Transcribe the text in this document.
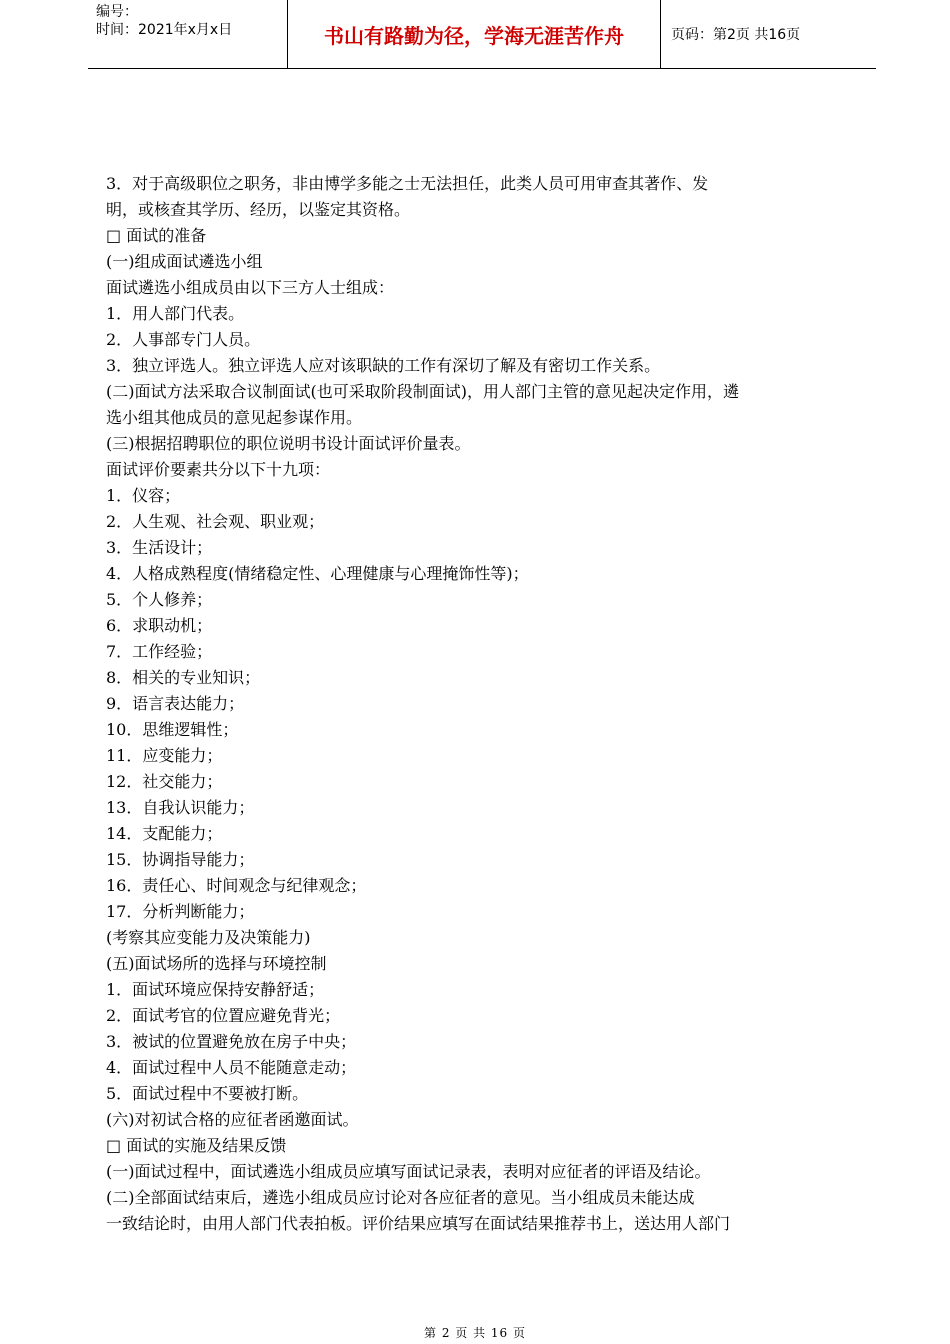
编号：
时间：2021年x月x日	书山有路勤为径，学海无涯苦作舟	页码：第2页 共16页
3．对于高级职位之职务，非由博学多能之士无法担任，此类人员可用审查其著作、发
明，或核查其学历、经历，以鉴定其资格。
□ 面试的准备
(一)组成面试遴选小组
面试遴选小组成员由以下三方人士组成：
1．用人部门代表。
2．人事部专门人员。
3．独立评选人。独立评选人应对该职缺的工作有深切了解及有密切工作关系。
(二)面试方法采取合议制面试(也可采取阶段制面试)，用人部门主管的意见起决定作用，遴
选小组其他成员的意见起参谋作用。
(三)根据招聘职位的职位说明书设计面试评价量表。
面试评价要素共分以下十九项：
1．仪容；
2．人生观、社会观、职业观；
3．生活设计；
4．人格成熟程度(情绪稳定性、心理健康与心理掩饰性等)；
5．个人修养；
6．求职动机；
7．工作经验；
8．相关的专业知识；
9．语言表达能力；
10．思维逻辑性；
11．应变能力；
12．社交能力；
13．自我认识能力；
14．支配能力；
15．协调指导能力；
16．责任心、时间观念与纪律观念；
17．分析判断能力；
(考察其应变能力及决策能力)
(五)面试场所的选择与环境控制
1．面试环境应保持安静舒适；
2．面试考官的位置应避免背光；
3．被试的位置避免放在房子中央；
4．面试过程中人员不能随意走动；
5．面试过程中不要被打断。
(六)对初试合格的应征者函邀面试。
□ 面试的实施及结果反馈
(一)面试过程中，面试遴选小组成员应填写面试记录表，表明对应征者的评语及结论。
(二)全部面试结束后，遴选小组成员应讨论对各应征者的意见。当小组成员未能达成
一致结论时，由用人部门代表拍板。评价结果应填写在面试结果推荐书上，送达用人部门
第 2 页 共 16 页
